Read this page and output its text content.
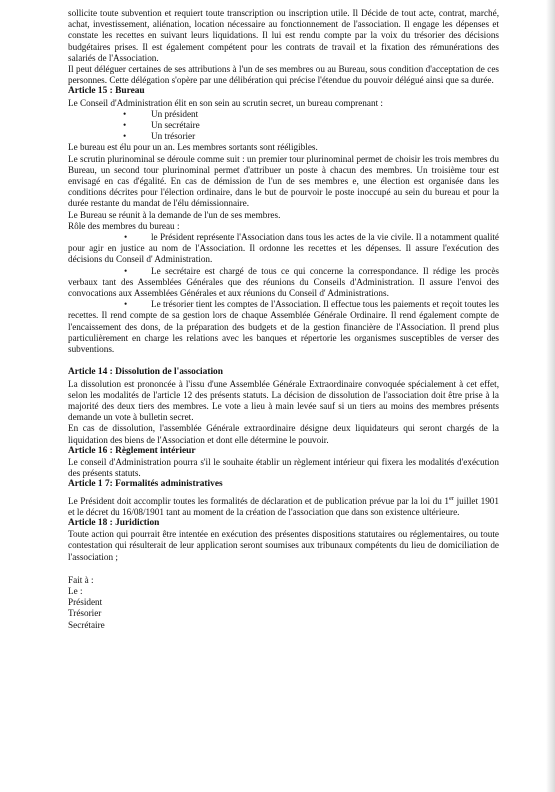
sollicite toute subvention et requiert toute transcription ou inscription utile. Il Décide de tout acte, contrat, marché, achat, investissement, aliénation, location nécessaire au fonctionnement de l'association. Il engage les dépenses et constate les recettes en suivant leurs liquidations. Il lui est rendu compte par la voix du trésorier des décisions budgétaires prises. Il est également compétent pour les contrats de travail et la fixation des rémunérations des salariés de l'Association.

Il peut déléguer certaines de ses attributions à l'un de ses membres ou au Bureau, sous condition d'acceptation de ces personnes. Cette délégation s'opère par une délibération qui précise l'étendue du pouvoir délégué ainsi que sa durée.

Article 15 : Bureau

Le Conseil d'Administration élit en son sein au scrutin secret, un bureau comprenant :

• Un président
• Un secrétaire
• Un trésorier

Le bureau est élu pour un an. Les membres sortants sont rééligibles.

Le scrutin plurinominal se déroule comme suit : un premier tour plurinominal permet de choisir les trois membres du Bureau, un second tour plurinominal permet d'attribuer un poste à chacun des membres. Un troisième tour est envisagé en cas d'égalité. En cas de démission de l'un de ses membres e, une élection est organisée dans les conditions décrites pour l'élection ordinaire, dans le but de pourvoir le poste inoccupé au sein du bureau et pour la durée restante du mandat de l'élu démissionnaire.

Le Bureau se réunit à la demande de l'un de ses membres.

Rôle des membres du bureau :

•	le Président représente l'Association dans tous les actes de la vie civile. Il a notamment qualité pour agir en justice au nom de l'Association. Il ordonne les recettes et les dépenses. Il assure l'exécution des décisions du Conseil d' Administration.

•	Le secrétaire est chargé de tous ce qui concerne la correspondance. Il rédige les procès verbaux tant des Assemblées Générales que des réunions du Conseils d'Administration. Il assure l'envoi des convocations aux Assemblées Générales et aux réunions du Conseil d' Administrations.

•	Le trésorier tient les comptes de l'Association. Il effectue tous les paiements et reçoit toutes les recettes. Il rend compte de sa gestion lors de chaque Assemblée Générale Ordinaire. Il rend également compte de l'encaissement des dons, de la préparation des budgets et de la gestion financière de l'Association. Il prend plus particulièrement en charge les relations avec les banques et répertorie les organismes susceptibles de verser des subventions.

Article 14 : Dissolution de l'association

La dissolution est prononcée à l'issu d'une Assemblée Générale Extraordinaire convoquée spécialement à cet effet, selon les modalités de l'article 12 des présents statuts. La décision de dissolution de l'association doit être prise à la majorité des deux tiers des membres. Le vote a lieu à main levée sauf si un tiers au moins des membres présents demande un vote à bulletin secret.

En cas de dissolution, l'assemblée Générale extraordinaire désigne deux liquidateurs qui seront chargés de la liquidation des biens de l'Association et dont elle détermine le pouvoir.

Article 16 : Règlement intérieur

Le conseil d'Administration pourra s'il le souhaite établir un règlement intérieur qui fixera les modalités d'exécution des présents statuts.

Article 1 7: Formalités administratives

Le Président doit accomplir toutes les formalités de déclaration et de publication prévue par la loi du 1er juillet 1901 et le décret du 16/08/1901 tant au moment de la création de l'association que dans son existence ultérieure.

Article 18 : Juridiction

Toute action qui pourrait être intentée en exécution des présentes dispositions statutaires ou réglementaires, ou toute contestation qui résulterait de leur application seront soumises aux tribunaux compétents du lieu de domiciliation de l'association ;

Fait à :

Le :

Président

Trésorier

Secrétaire
